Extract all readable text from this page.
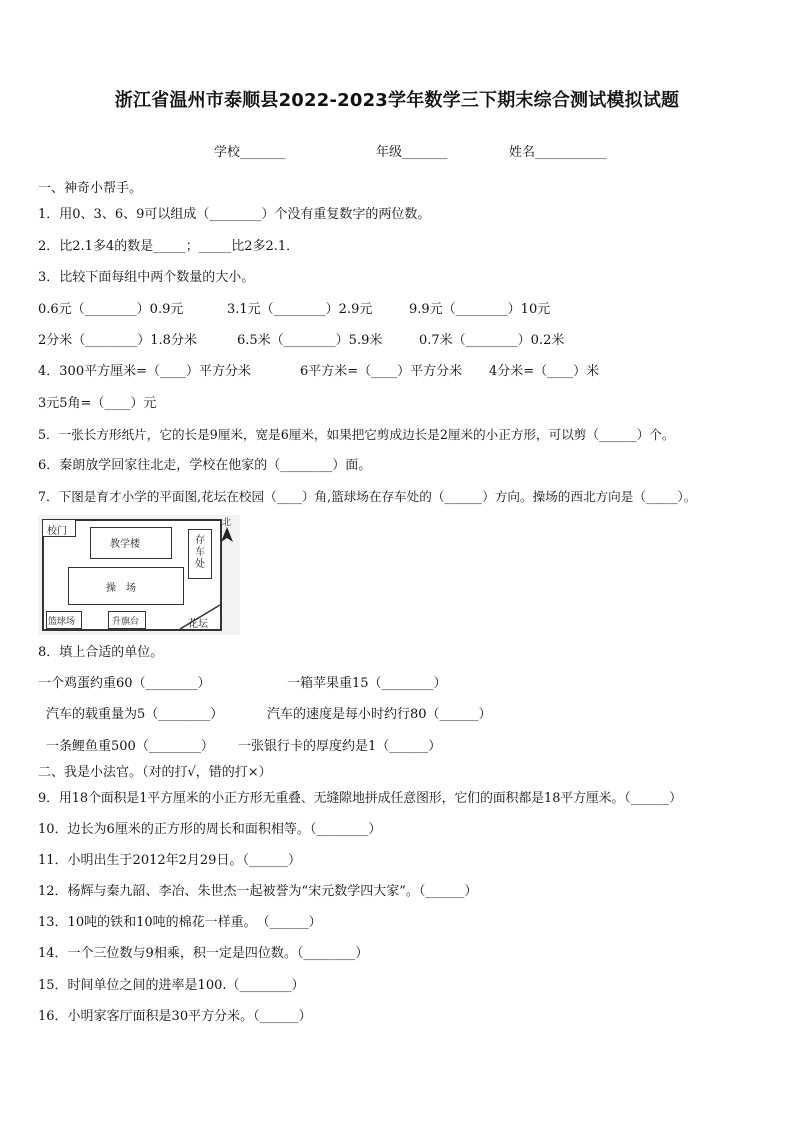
浙江省温州市泰顺县2022-2023学年数学三下期末综合测试模拟试题
学校_______	年级_______	姓名___________
一、神奇小帮手。
1．用0、3、6、9可以组成（________）个没有重复数字的两位数。
2．比2.1多4的数是_____；_____比2多2.1．
3．比较下面每组中两个数量的大小。
0.6元（________）0.9元	3.1元（________）2.9元	9.9元（________）10元
2分米（________）1.8分米	6.5米（________）5.9米	0.7米（________）0.2米
4．300平方厘米=（____）平方分米	6平方米=（____）平方分米 4分米=（____）米
3元5角=（____）元
5．一张长方形纸片，它的长是9厘米，宽是6厘米，如果把它剪成边长是2厘米的小正方形，可以剪（______）个。
6．秦朗放学回家往北走，学校在他家的（________）面。
7．下图是育才小学的平面图,花坛在校园（____）角,篮球场在存车处的（______）方向。操场的西北方向是（_____）。
校门
教学楼	存车处
操　场
篮球场	升旗台	花坛
北
8．填上合适的单位。
一个鸡蛋约重60（________）	一箱苹果重15（________）
汽车的载重量为5（________）	汽车的速度是每小时约行80（______）
一条鲤鱼重500（________） 一张银行卡的厚度约是1（______）
二、我是小法官。（对的打√，错的打×）
9．用18个面积是1平方厘米的小正方形无重叠、无缝隙地拼成任意图形，它们的面积都是18平方厘米。（______）
10．边长为6厘米的正方形的周长和面积相等。（________）
11．小明出生于2012年2月29日。（______）
12．杨辉与秦九韶、李冶、朱世杰一起被誉为“宋元数学四大家”。（______）
13．10吨的铁和10吨的棉花一样重。　（______）
14．一个三位数与9相乘，积一定是四位数。（________）
15．时间单位之间的进率是100.（________）
16．小明家客厅面积是30平方分米。（______）
